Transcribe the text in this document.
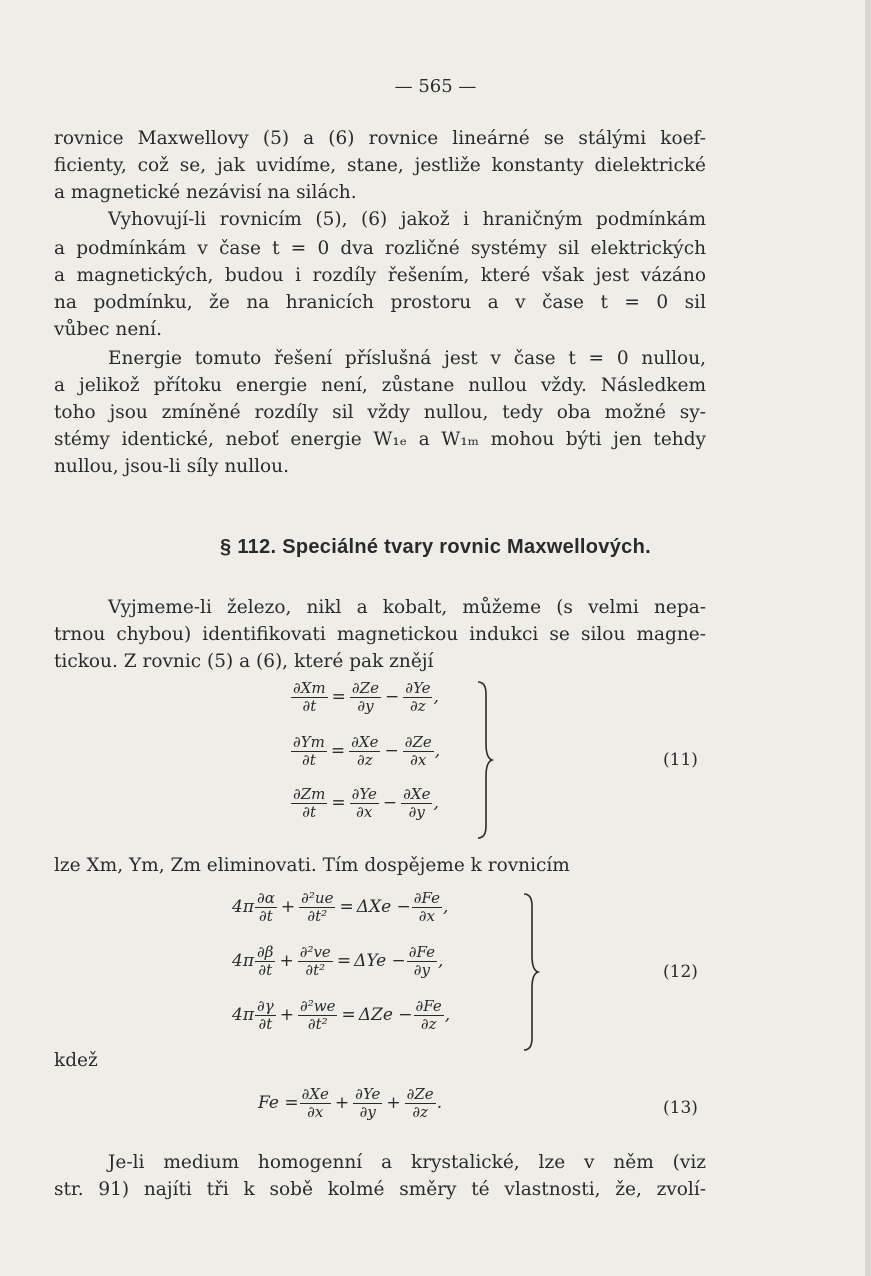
— 565 —
rovnice Maxwellovy (5) a (6) rovnice lineárné se stálými koef-
ficienty, což se, jak uvidíme, stane, jestliže konstanty dielektrické
a magnetické nezávisí na silách.
Vyhovují-li rovnicím (5), (6) jakož i hraničným podmínkám
a podmínkám v čase t = 0 dva rozličné systémy sil elektrických
a magnetických, budou i rozdíly řešením, které však jest vázáno
na podmínku, že na hranicích prostoru a v čase t = 0 sil
vůbec není.
Energie tomuto řešení příslušná jest v čase t = 0 nullou,
a jelikož přítoku energie není, zůstane nullou vždy. Následkem
toho jsou zmíněné rozdíly sil vždy nullou, tedy oba možné sy-
stémy identické, neboť energie W₁ₑ a W₁ₘ mohou býti jen tehdy
nullou, jsou-li síly nullou.
§ 112. Speciálné tvary rovnic Maxwellových.
Vyjmeme-li železo, nikl a kobalt, můžeme (s velmi nepa-
trnou chybou) identifikovati magnetickou indukci se silou magne-
tickou. Z rovnic (5) a (6), které pak znějí
$\frac{\partial Xm}{\partial t} = \frac{\partial Ze}{\partial y} - \frac{\partial Ye}{\partial z}$ ,
$\frac{\partial Ym}{\partial t} = \frac{\partial Xe}{\partial z} - \frac{\partial Ze}{\partial x}$ ,
$\frac{\partial Zm}{\partial t} = \frac{\partial Ye}{\partial x} - \frac{\partial Xe}{\partial y}$ ,
(11)
lze Xm, Ym, Zm eliminovati. Tím dospějeme k rovnicím
$4\pi \frac{\partial\alpha}{\partial t} + \frac{\text{∂²ue}}{\text{∂t²}} = \Delta Xe - \frac{\partial Fe}{\partial x}$ ,
$4\pi \frac{\partial\beta}{\partial t} + \frac{\text{∂²ve}}{\text{∂t²}} = \Delta Ye - \frac{\partial Fe}{\partial y}$ ,
$4\pi \frac{\partial\gamma}{\partial t} + \frac{\text{∂²we}}{\text{∂t²}} = \Delta Ze - \frac{\partial Fe}{\partial z}$ ,
(12)
kdež
$Fe = \frac{\partial Xe}{\partial x} + \frac{\partial Ye}{\partial y} + \frac{\partial Ze}{\partial z}$ .	(13)
Je-li medium homogenní a krystalické, lze v něm (viz
str. 91) najíti tři k sobě kolmé směry té vlastnosti, že, zvolí-
